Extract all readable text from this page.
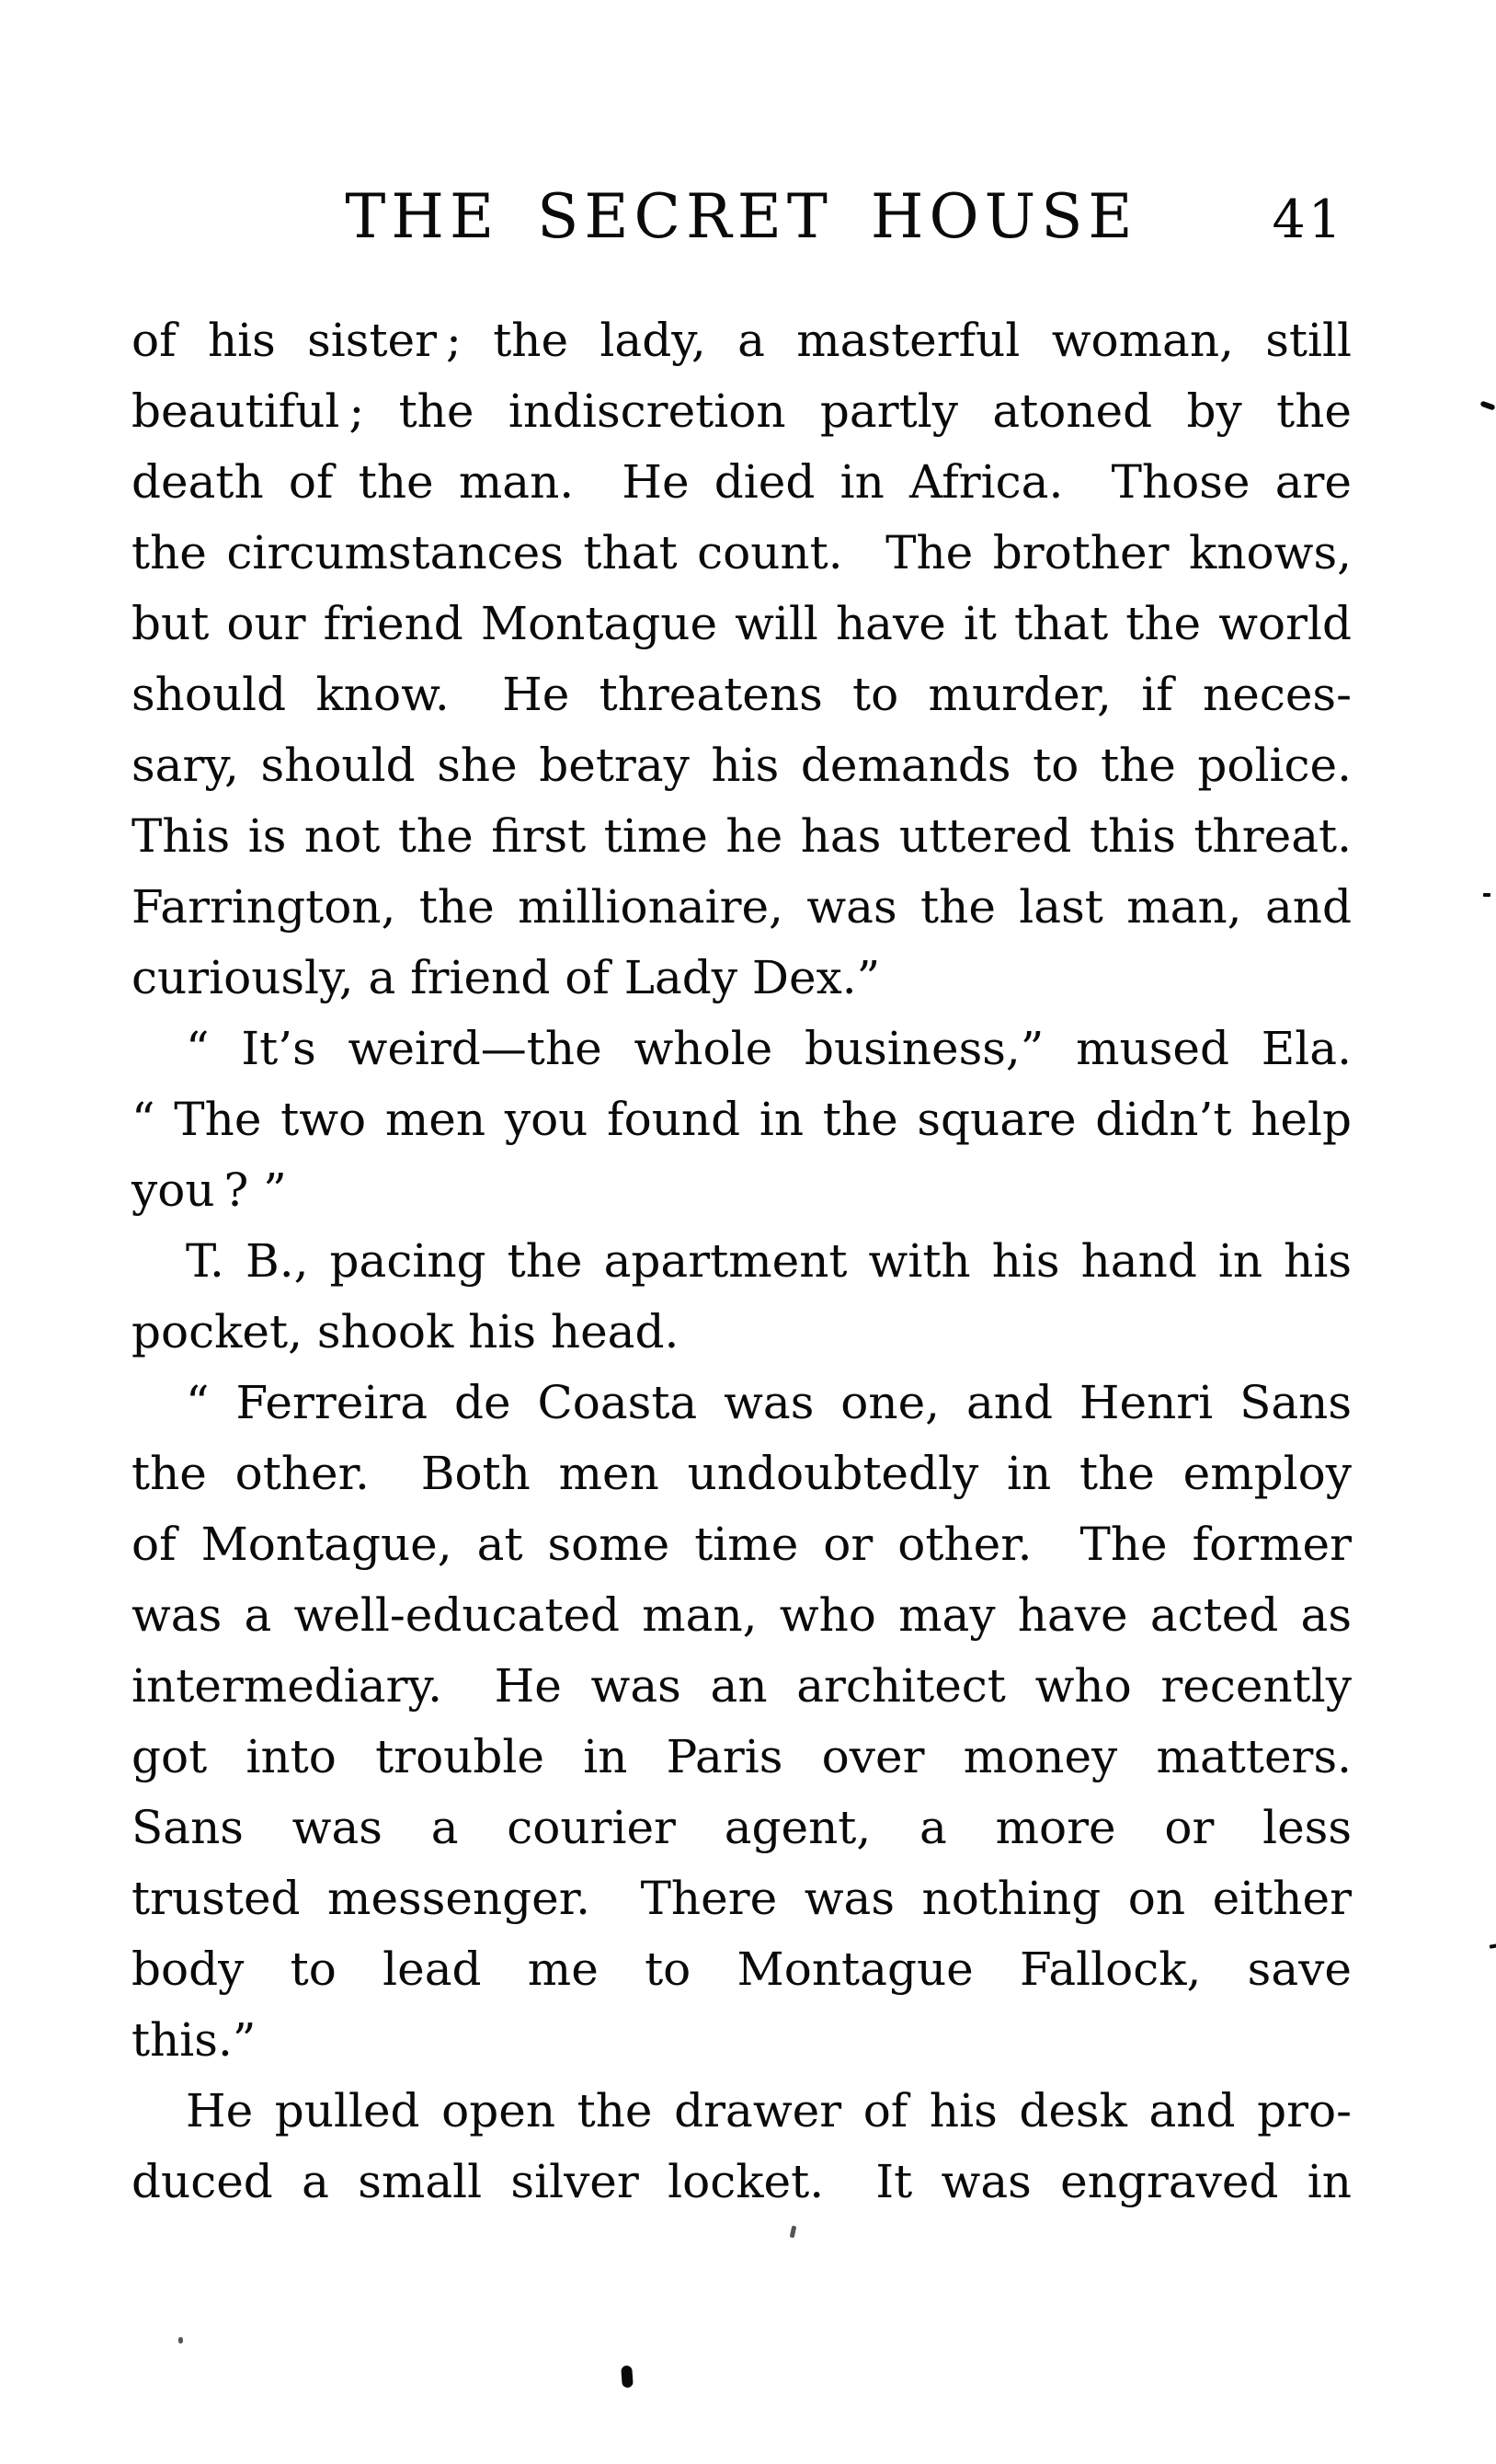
THE SECRET HOUSE	41
of his sister ; the lady, a masterful woman, still
beautiful ; the indiscretion partly atoned by the
death of the man.  He died in Africa.  Those are
the circumstances that count.  The brother knows,
but our friend Montague will have it that the world
should know.  He threatens to murder, if neces-
sary, should she betray his demands to the police.
This is not the first time he has uttered this threat.
Farrington, the millionaire, was the last man, and
curiously, a friend of Lady Dex.”
“ It’s weird—the whole business,” mused Ela.
“ The two men you found in the square didn’t help
you ? ”
T. B., pacing the apartment with his hand in his
pocket, shook his head.
“ Ferreira de Coasta was one, and Henri Sans
the other.  Both men undoubtedly in the employ
of Montague, at some time or other.  The former
was a well-educated man, who may have acted as
intermediary.  He was an architect who recently
got into trouble in Paris over money matters.
Sans was a courier agent, a more or less
trusted messenger.  There was nothing on either
body to lead me to Montague Fallock, save
this.”
He pulled open the drawer of his desk and pro-
duced a small silver locket.  It was engraved in
